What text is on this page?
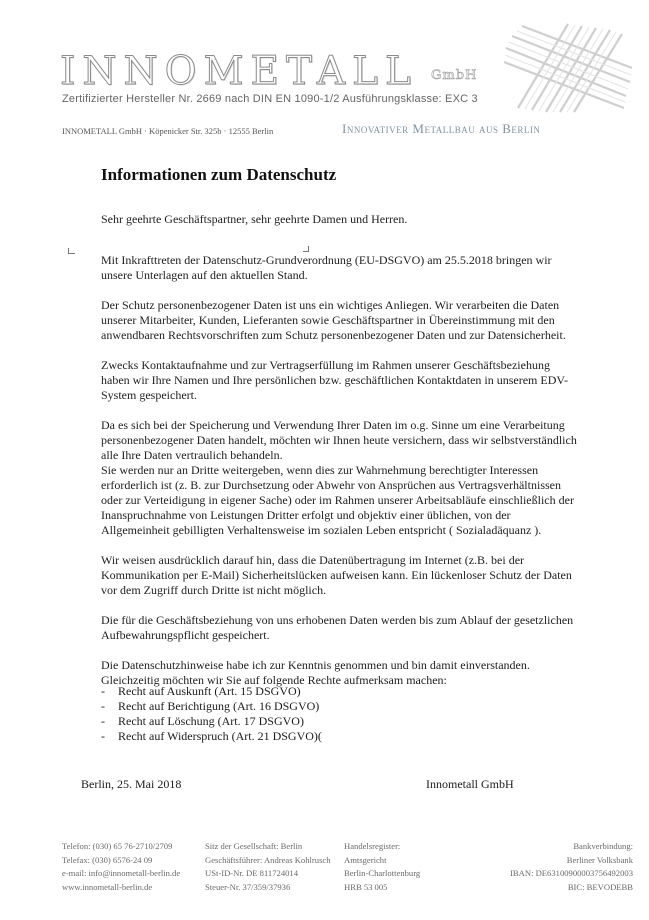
INNOMETALL GmbH
Zertifizierter Hersteller Nr. 2669 nach DIN EN 1090-1/2 Ausführungsklasse: EXC 3
INNOMETALL GmbH · Köpenicker Str. 325b · 12555 Berlin	Innovativer Metallbau aus Berlin
Informationen zum Datenschutz

Sehr geehrte Geschäftspartner, sehr geehrte Damen und Herren.

Mit Inkrafttreten der Datenschutz-Grundverordnung (EU-DSGVO) am 25.5.2018 bringen wir unsere Unterlagen auf den aktuellen Stand.

Der Schutz personenbezogener Daten ist uns ein wichtiges Anliegen. Wir verarbeiten die Daten unserer Mitarbeiter, Kunden, Lieferanten sowie Geschäftspartner in Übereinstimmung mit den anwendbaren Rechtsvorschriften zum Schutz personenbezogener Daten und zur Datensicherheit.

Zwecks Kontaktaufnahme und zur Vertragserfüllung im Rahmen unserer Geschäftsbeziehung haben wir Ihre Namen und Ihre persönlichen bzw. geschäftlichen Kontaktdaten in unserem EDV-System gespeichert.

Da es sich bei der Speicherung und Verwendung Ihrer Daten im o.g. Sinne um eine Verarbeitung personenbezogener Daten handelt, möchten wir Ihnen heute versichern, dass wir selbstverständlich alle Ihre Daten vertraulich behandeln.

Sie werden nur an Dritte weitergeben, wenn dies zur Wahrnehmung berechtigter Interessen erforderlich ist (z. B. zur Durchsetzung oder Abwehr von Ansprüchen aus Vertragsverhältnissen oder zur Verteidigung in eigener Sache) oder im Rahmen unserer Arbeitsabläufe einschließlich der Inanspruchnahme von Leistungen Dritter erfolgt und objektiv einer üblichen, von der Allgemeinheit gebilligten Verhaltensweise im sozialen Leben entspricht ( Sozialadäquanz ).

Wir weisen ausdrücklich darauf hin, dass die Datenübertragung im Internet (z.B. bei der Kommunikation per E-Mail) Sicherheitslücken aufweisen kann. Ein lückenloser Schutz der Daten vor dem Zugriff durch Dritte ist nicht möglich.

Die für die Geschäftsbeziehung von uns erhobenen Daten werden bis zum Ablauf der gesetzlichen Aufbewahrungspflicht gespeichert.

Die Datenschutzhinweise habe ich zur Kenntnis genommen und bin damit einverstanden. Gleichzeitig möchten wir Sie auf folgende Rechte aufmerksam machen:

-	Recht auf Auskunft (Art. 15 DSGVO)
-	Recht auf Berichtigung (Art. 16 DSGVO)
-	Recht auf Löschung (Art. 17 DSGVO)
-	Recht auf Widerspruch (Art. 21 DSGVO)(
Berlin, 25. Mai 2018	Innometall GmbH
Telefon: (030) 65 76-2710/2709
Telefax: (030) 6576-24 09
e-mail: info@innometall-berlin.de
www.innometall-berlin.de
Sitz der Gesellschaft: Berlin
Geschäftsführer: Andreas Kohlrusch
USt-ID-Nr. DE 811724014
Steuer-Nr. 37/359/37936
Handelsregister:
Amtsgericht
Berlin-Charlottenburg
HRB 53 005
Bankverbindung:
Berliner Volksbank
IBAN: DE63100900003756492003
BIC: BEVODEBB
